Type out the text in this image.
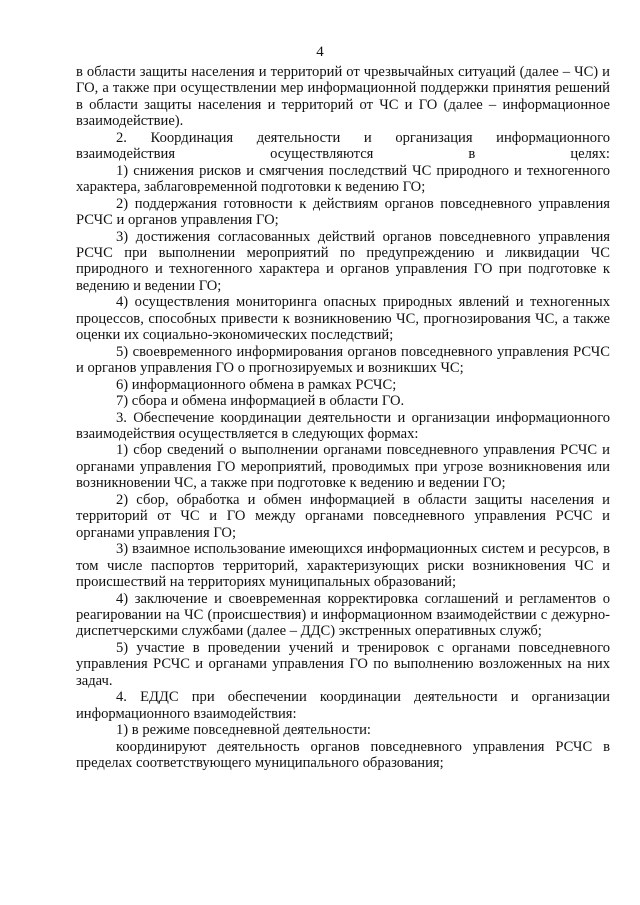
4

в области защиты населения и территорий от чрезвычайных ситуаций (далее – ЧС) и ГО, а также при осуществлении мер информационной поддержки принятия решений в области защиты населения и территорий от ЧС и ГО (далее – информационное взаимодействие).

2. Координация деятельности и организация информационного взаимодействия осуществляются в целях:

1) снижения рисков и смягчения последствий ЧС природного и техногенного характера, заблаговременной подготовки к ведению ГО;

2) поддержания готовности к действиям органов повседневного управления РСЧС и органов управления ГО;

3) достижения согласованных действий органов повседневного управления РСЧС при выполнении мероприятий по предупреждению и ликвидации ЧС природного и техногенного характера и органов управления ГО при подготовке к ведению и ведении ГО;

4) осуществления мониторинга опасных природных явлений и техногенных процессов, способных привести к возникновению ЧС, прогнозирования ЧС, а также оценки их социально-экономических последствий;

5) своевременного информирования органов повседневного управления РСЧС и органов управления ГО о прогнозируемых и возникших ЧС;

6) информационного обмена в рамках РСЧС;

7) сбора и обмена информацией в области ГО.

3. Обеспечение координации деятельности и организации информационного взаимодействия осуществляется в следующих формах:

1) сбор сведений о выполнении органами повседневного управления РСЧС и органами управления ГО мероприятий, проводимых при угрозе возникновения или возникновении ЧС, а также при подготовке к ведению и ведении ГО;

2) сбор, обработка и обмен информацией в области защиты населения и территорий от ЧС и ГО между органами повседневного управления РСЧС и органами управления ГО;

3) взаимное использование имеющихся информационных систем и ресурсов, в том числе паспортов территорий, характеризующих риски возникновения ЧС и происшествий на территориях муниципальных образований;

4) заключение и своевременная корректировка соглашений и регламентов о реагировании на ЧС (происшествия) и информационном взаимодействии с дежурно-диспетчерскими службами (далее – ДДС) экстренных оперативных служб;

5) участие в проведении учений и тренировок с органами повседневного управления РСЧС и органами управления ГО по выполнению возложенных на них задач.

4. ЕДДС при обеспечении координации деятельности и организации информационного взаимодействия:

1) в режиме повседневной деятельности:

координируют деятельность органов повседневного управления РСЧС в пределах соответствующего муниципального образования;
